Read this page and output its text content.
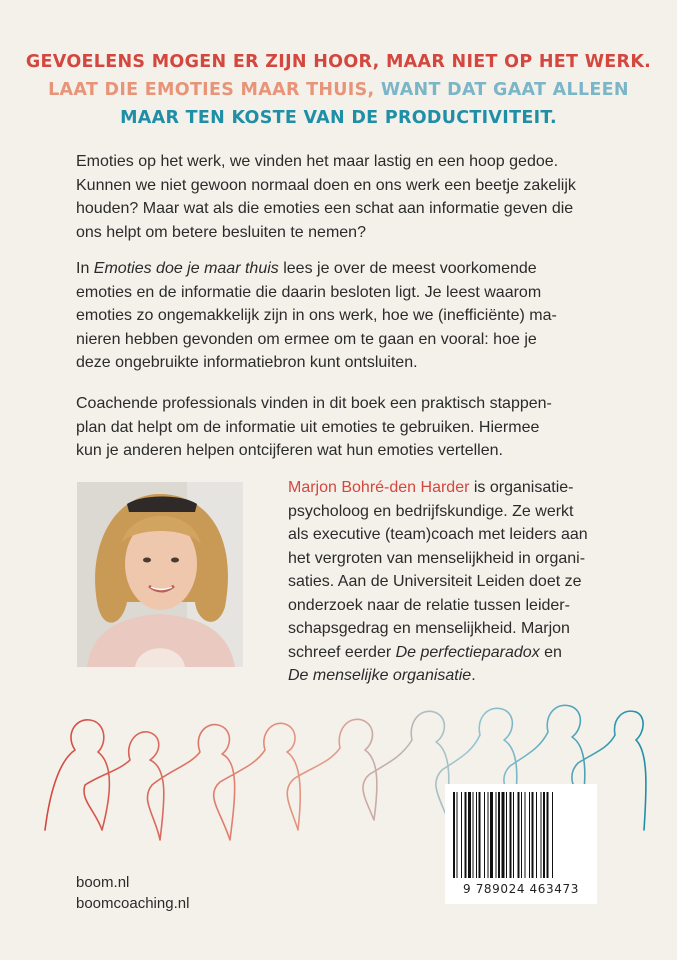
GEVOELENS MOGEN ER ZIJN HOOR, MAAR NIET OP HET WERK.
LAAT DIE EMOTIES MAAR THUIS, WANT DAT GAAT ALLEEN
MAAR TEN KOSTE VAN DE PRODUCTIVITEIT.
Emoties op het werk, we vinden het maar lastig en een hoop gedoe.
Kunnen we niet gewoon normaal doen en ons werk een beetje zakelijk
houden? Maar wat als die emoties een schat aan informatie geven die
ons helpt om betere besluiten te nemen?
In Emoties doe je maar thuis lees je over de meest voorkomende
emoties en de informatie die daarin besloten ligt. Je leest waarom
emoties zo ongemakkelijk zijn in ons werk, hoe we (inefficiënte) ma-
nieren hebben gevonden om ermee om te gaan en vooral: hoe je
deze ongebruikte informatiebron kunt ontsluiten.
Coachende professionals vinden in dit boek een praktisch stappen-
plan dat helpt om de informatie uit emoties te gebruiken. Hiermee
kun je anderen helpen ontcijferen wat hun emoties vertellen.
Marjon Bohré-den Harder is organisatie-
psycholoog en bedrijfskundige. Ze werkt
als executive (team)coach met leiders aan
het vergroten van menselijkheid in organi-
saties. Aan de Universiteit Leiden doet ze
onderzoek naar de relatie tussen leider-
schapsgedrag en menselijkheid. Marjon
schreef eerder De perfectieparadox en
De menselijke organisatie.
9 789024 463473
boom.nl
boomcoaching.nl
